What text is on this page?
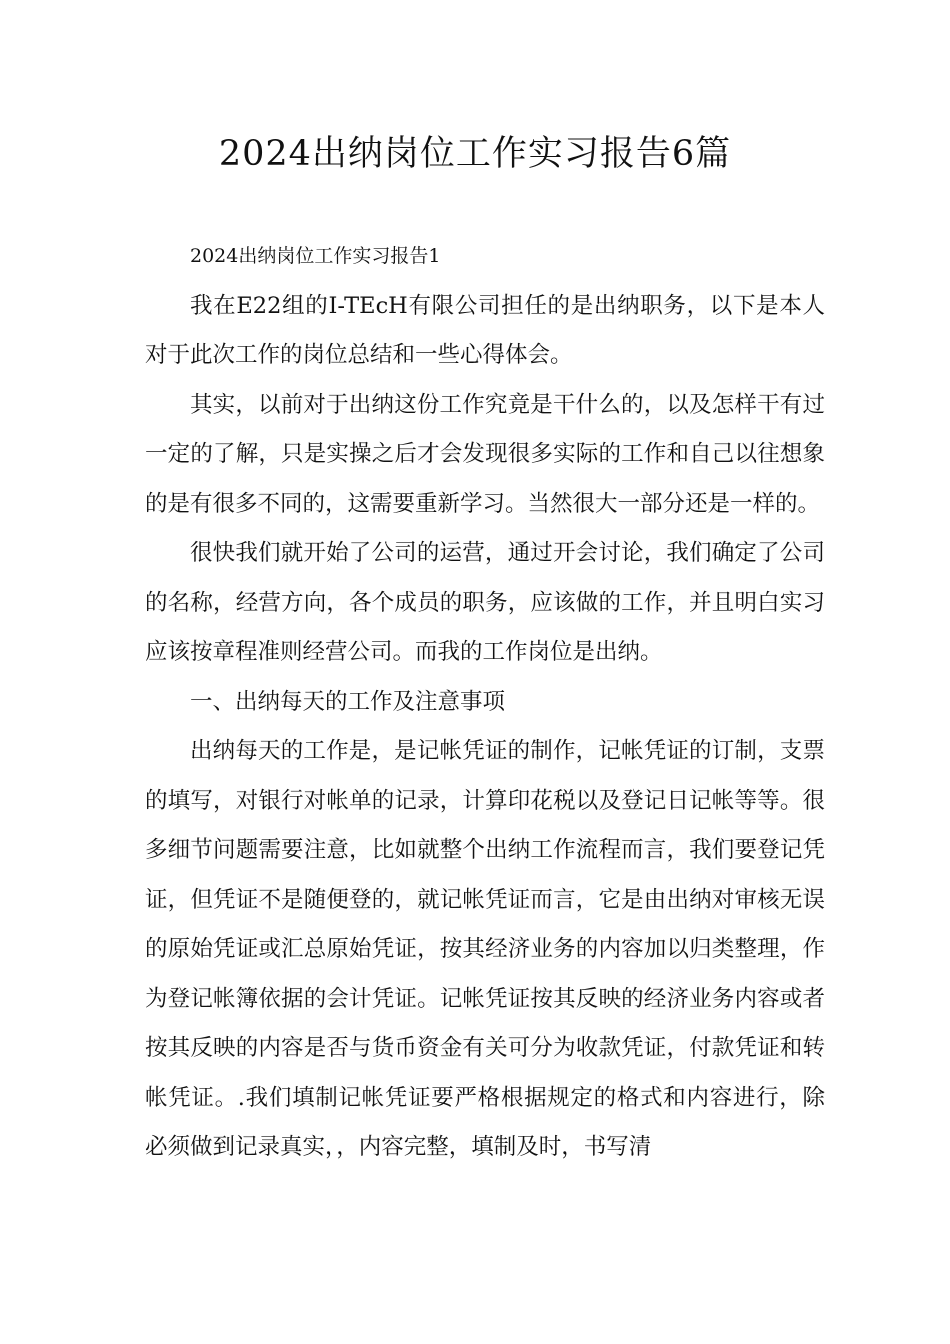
2024出纳岗位工作实习报告6篇

2024出纳岗位工作实习报告1

我在E22组的I-TEcH有限公司担任的是出纳职务，以下是本人对于此次工作的岗位总结和一些心得体会。

其实，以前对于出纳这份工作究竟是干什么的，以及怎样干有过一定的了解，只是实操之后才会发现很多实际的工作和自己以往想象的是有很多不同的，这需要重新学习。当然很大一部分还是一样的。

很快我们就开始了公司的运营，通过开会讨论，我们确定了公司的名称，经营方向，各个成员的职务，应该做的工作，并且明白实习应该按章程准则经营公司。而我的工作岗位是出纳。

一、出纳每天的工作及注意事项

出纳每天的工作是，是记帐凭证的制作，记帐凭证的订制，支票的填写，对银行对帐单的记录，计算印花税以及登记日记帐等等。很多细节问题需要注意，比如就整个出纳工作流程而言，我们要登记凭证，但凭证不是随便登的，就记帐凭证而言，它是由出纳对审核无误的原始凭证或汇总原始凭证，按其经济业务的内容加以归类整理，作为登记帐簿依据的会计凭证。记帐凭证按其反映的经济业务内容或者按其反映的内容是否与货币资金有关可分为收款凭证，付款凭证和转帐凭证。.我们填制记帐凭证要严格根据规定的格式和内容进行，除必须做到记录真实，，内容完整，填制及时，书写清
